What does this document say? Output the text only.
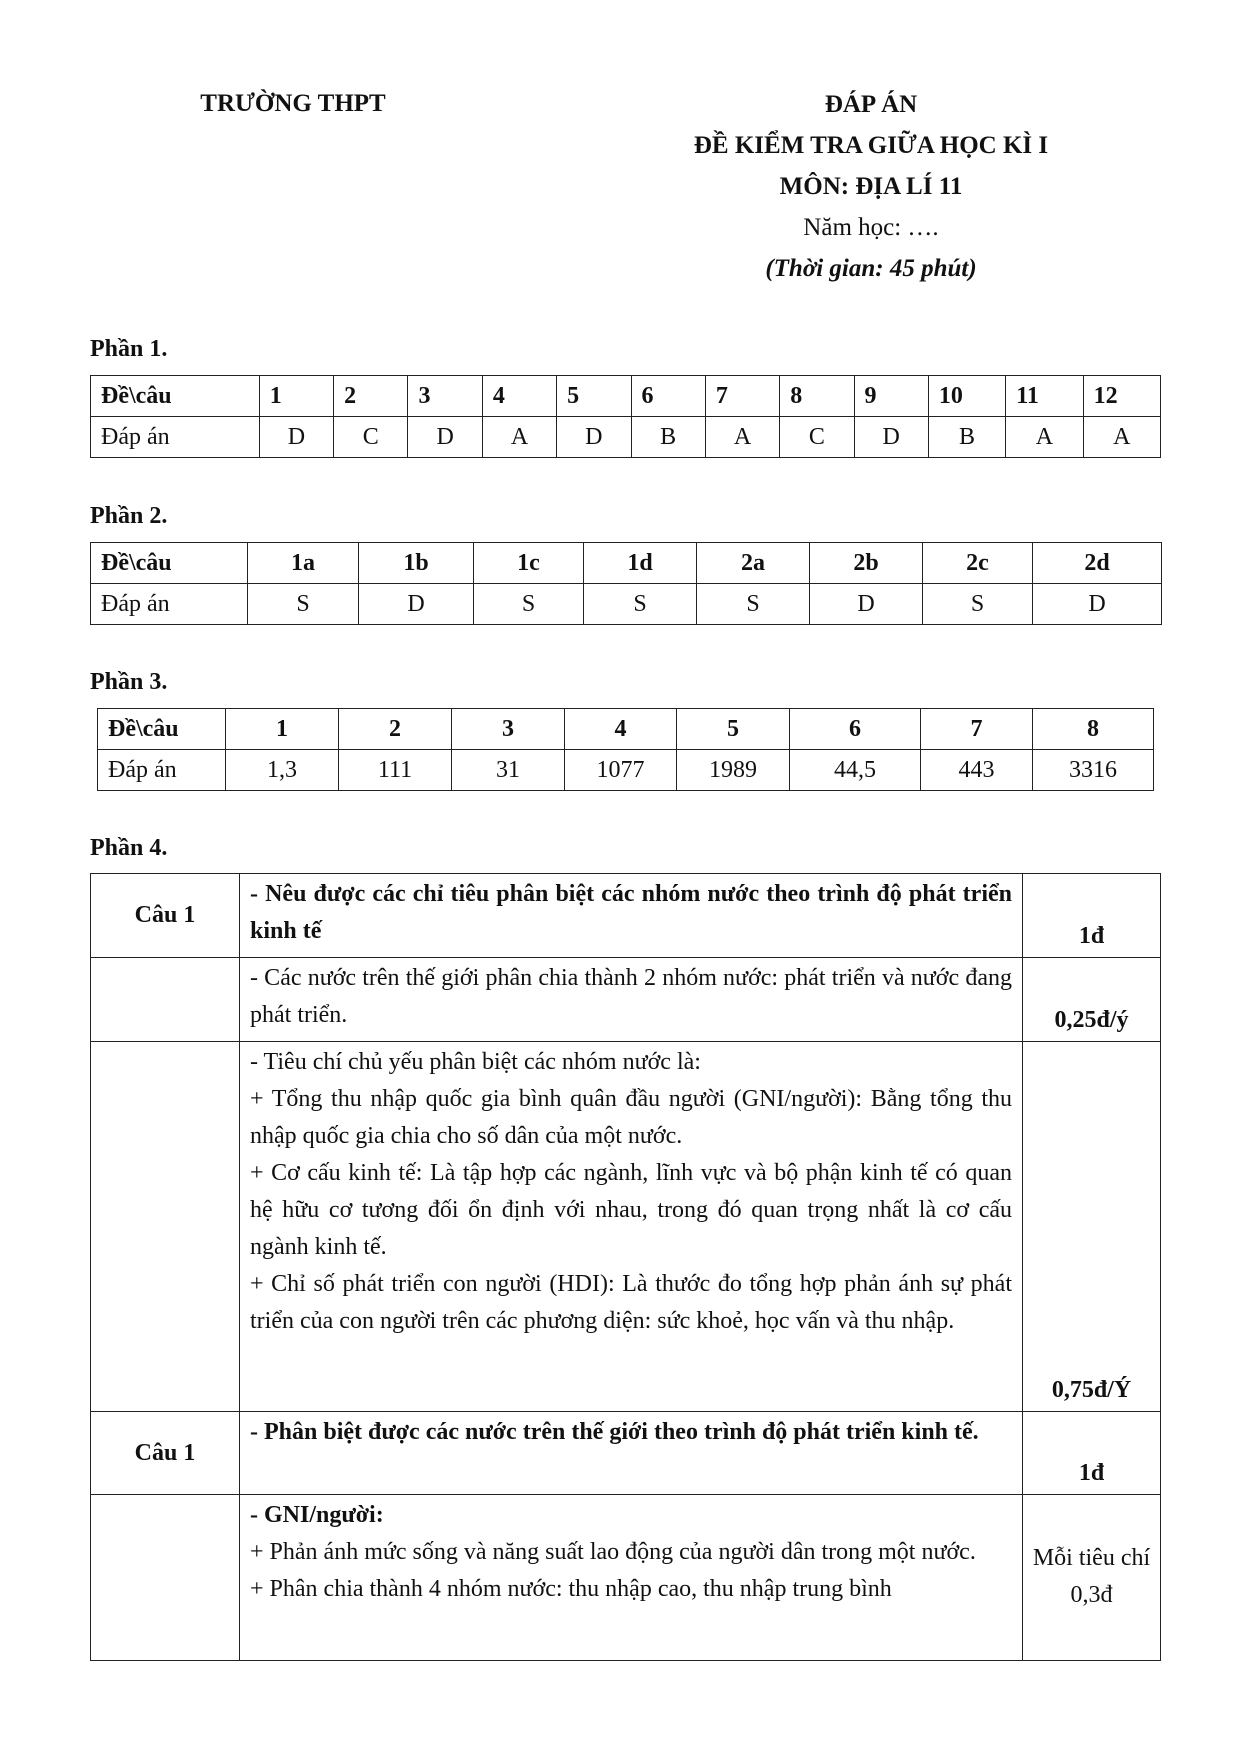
TRƯỜNG THPT	ĐÁP ÁN
ĐỀ KIỂM TRA GIỮA HỌC KÌ I
MÔN: ĐỊA LÍ 11
Năm học: ….
(Thời gian: 45 phút)
Phần 1.
Đề\câu	1	2	3	4	5	6	7	8	9	10	11	12
Đáp án	D	C	D	A	D	B	A	C	D	B	A	A
Phần 2.
Đề\câu	1a	1b	1c	1d	2a	2b	2c	2d
Đáp án	S	D	S	S	S	D	S	D
Phần 3.
Đề\câu	1	2	3	4	5	6	7	8
Đáp án	1,3	111	31	1077	1989	44,5	443	3316
Phần 4.
Câu 1	- Nêu được các chỉ tiêu phân biệt các nhóm nước theo trình độ phát triển kinh tế	1đ
	- Các nước trên thế giới phân chia thành 2 nhóm nước: phát triển và nước đang phát triển.	0,25đ/ý

	- Tiêu chí chủ yếu phân biệt các nhóm nước là:

+ Tổng thu nhập quốc gia bình quân đầu người (GNI/người): Bằng tổng thu nhập quốc gia chia cho số dân của một nước.

+ Cơ cấu kinh tế: Là tập hợp các ngành, lĩnh vực và bộ phận kinh tế có quan hệ hữu cơ tương đối ổn định với nhau, trong đó quan trọng nhất là cơ cấu ngành kinh tế.

+ Chỉ số phát triển con người (HDI): Là thước đo tổng hợp phản ánh sự phát triển của con người trên các phương diện: sức khoẻ, học vấn và thu nhập.	0,75đ/Ý
Câu 1	- Phân biệt được các nước trên thế giới theo trình độ phát triển kinh tế.	1đ

	- GNI/người:

+ Phản ánh mức sống và năng suất lao động của người dân trong một nước.

+ Phân chia thành 4 nhóm nước: thu nhập cao, thu nhập trung bình	Mỗi tiêu chí 0,3đ
